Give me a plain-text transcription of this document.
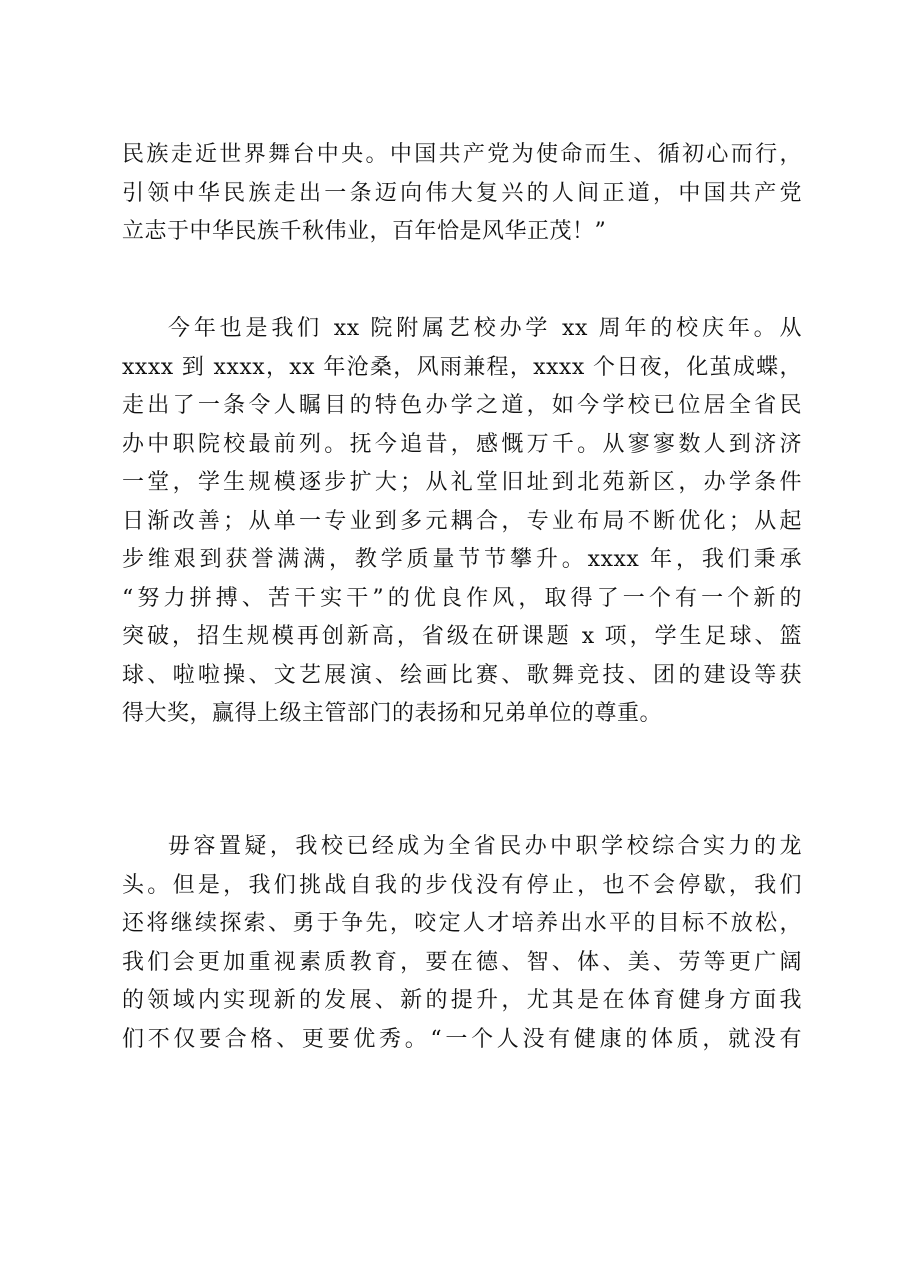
民族走近世界舞台中央。中国共产党为使命而生、循初心而行，
引领中华民族走出一条迈向伟大复兴的人间正道，中国共产党
立志于中华民族千秋伟业，百年恰是风华正茂！”
今年也是我们 xx 院附属艺校办学 xx 周年的校庆年。从
xxxx 到 xxxx，xx 年沧桑，风雨兼程，xxxx 个日夜，化茧成蝶，
走出了一条令人瞩目的特色办学之道，如今学校已位居全省民
办中职院校最前列。抚今追昔，感慨万千。从寥寥数人到济济
一堂，学生规模逐步扩大；从礼堂旧址到北苑新区，办学条件
日渐改善；从单一专业到多元耦合，专业布局不断优化；从起
步维艰到获誉满满，教学质量节节攀升。xxxx 年，我们秉承
“努力拼搏、苦干实干”的优良作风，取得了一个有一个新的
突破，招生规模再创新高，省级在研课题 x 项，学生足球、篮
球、啦啦操、文艺展演、绘画比赛、歌舞竞技、团的建设等获
得大奖，赢得上级主管部门的表扬和兄弟单位的尊重。
毋容置疑，我校已经成为全省民办中职学校综合实力的龙
头。但是，我们挑战自我的步伐没有停止，也不会停歇，我们
还将继续探索、勇于争先，咬定人才培养出水平的目标不放松，
我们会更加重视素质教育，要在德、智、体、美、劳等更广阔
的领域内实现新的发展、新的提升，尤其是在体育健身方面我
们不仅要合格、更要优秀。“一个人没有健康的体质，就没有
